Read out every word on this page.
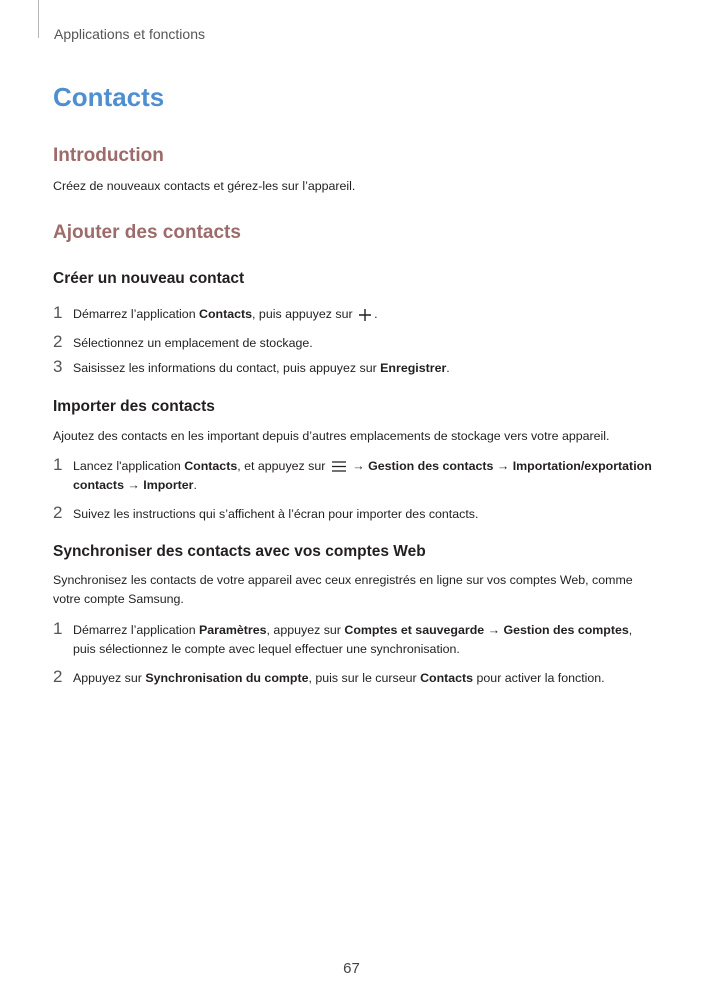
Applications et fonctions
Contacts
Introduction

Créez de nouveaux contacts et gérez-les sur l’appareil.

Ajouter des contacts
Créer un nouveau contact
1 Démarrez l’application Contacts, puis appuyez sur .
2 Sélectionnez un emplacement de stockage.
3 Saisissez les informations du contact, puis appuyez sur Enregistrer.
Importer des contacts

Ajoutez des contacts en les important depuis d’autres emplacements de stockage vers votre appareil.

1 Lancez l'application Contacts, et appuyez sur  → Gestion des contacts → Importation/exportation contacts → Importer.
2 Suivez les instructions qui s’affichent à l’écran pour importer des contacts.
Synchroniser des contacts avec vos comptes Web

Synchronisez les contacts de votre appareil avec ceux enregistrés en ligne sur vos comptes Web, comme votre compte Samsung.

1 Démarrez l’application Paramètres, appuyez sur Comptes et sauvegarde → Gestion des comptes, puis sélectionnez le compte avec lequel effectuer une synchronisation.
2 Appuyez sur Synchronisation du compte, puis sur le curseur Contacts pour activer la fonction.
67
